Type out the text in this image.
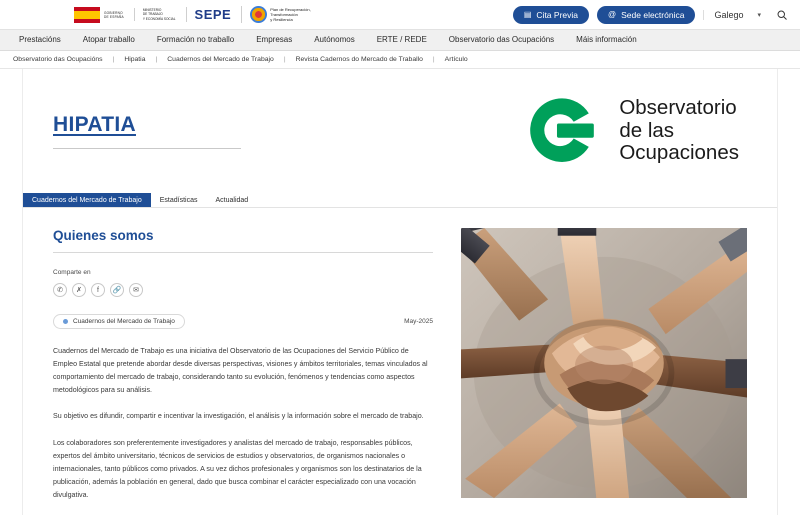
GOBIERNO
DE ESPAÑA
MINISTERIO
DE TRABAJO
Y ECONOMÍA SOCIAL	SEPE	Plan de Recuperación,
Transformación
y Resiliencia
▤ Cita Previa	@ Sede electrónica	Galego ▾
Prestacións	Atopar traballo	Formación no traballo	Empresas	Autónomos	ERTE / REDE	Observatorio das Ocupacións	Máis información
Observatorio das Ocupacións	|	Hipatia	|	Cuadernos del Mercado de Trabajo	|	Revista Cadernos do Mercado de Traballo	|	Artículo
HIPATIA
Observatorio
de las
Ocupaciones
Cuadernos del Mercado de Trabajo	Estadísticas	Actualidad
Quienes somos
Comparte en
✆	✗	f	🔗	✉
Cuadernos del Mercado de Trabajo	May-2025

Cuadernos del Mercado de Trabajo es una iniciativa del Observatorio de las Ocupaciones del Servicio Público de Empleo Estatal que pretende abordar desde diversas perspectivas, visiones y ámbitos territoriales, temas vinculados al comportamiento del mercado de trabajo, considerando tanto su evolución, fenómenos y tendencias como aspectos metodológicos para su análisis.

Su objetivo es difundir, compartir e incentivar la investigación, el análisis y la información sobre el mercado de trabajo.

Los colaboradores son preferentemente investigadores y analistas del mercado de trabajo, responsables públicos, expertos del ámbito universitario, técnicos de servicios de estudios y observatorios, de organismos nacionales o internacionales, tanto públicos como privados. A su vez dichos profesionales y organismos son los destinatarios de la publicación, además la población en general, dado que busca combinar el carácter especializado con una vocación divulgativa.
